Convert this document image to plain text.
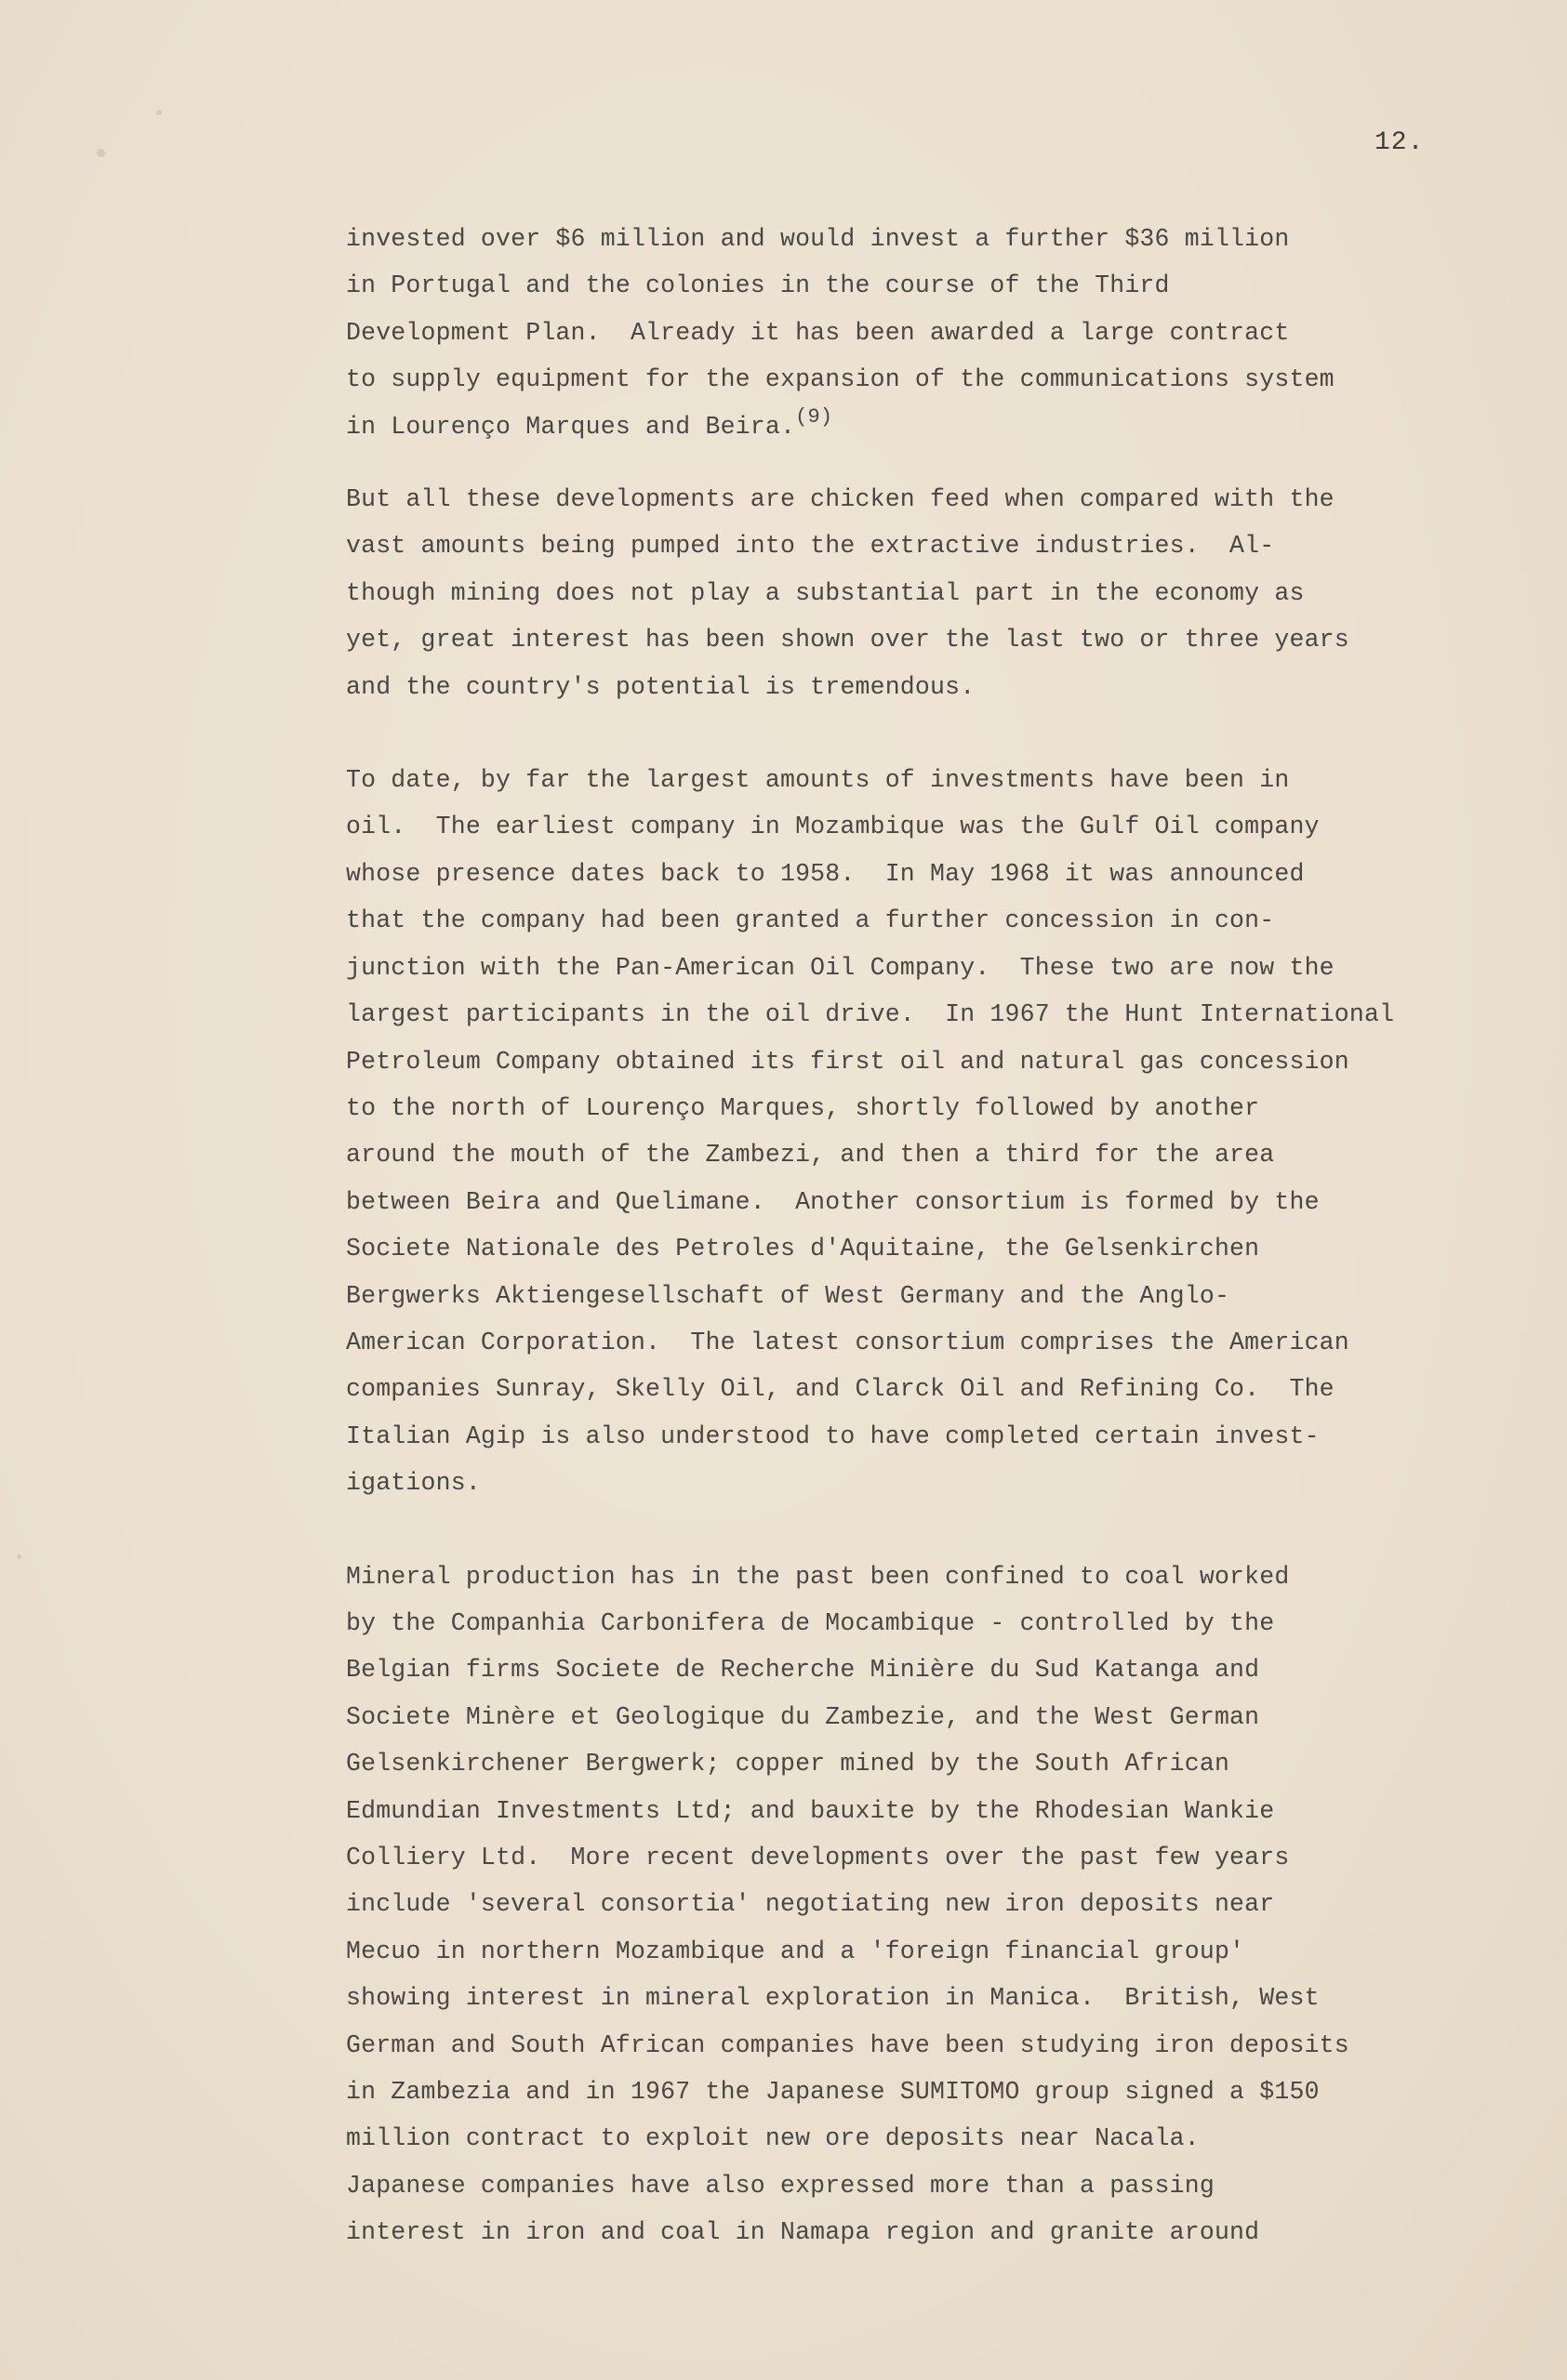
12.

invested over $6 million and would invest a further $36 million
in Portugal and the colonies in the course of the Third
Development Plan.  Already it has been awarded a large contract
to supply equipment for the expansion of the communications system
in Lourenço Marques and Beira.$^{(9)}$

But all these developments are chicken feed when compared with the
vast amounts being pumped into the extractive industries.  Al-
though mining does not play a substantial part in the economy as
yet, great interest has been shown over the last two or three years
and the country's potential is tremendous.

To date, by far the largest amounts of investments have been in
oil.  The earliest company in Mozambique was the Gulf Oil company
whose presence dates back to 1958.  In May 1968 it was announced
that the company had been granted a further concession in con-
junction with the Pan-American Oil Company.  These two are now the
largest participants in the oil drive.  In 1967 the Hunt International
Petroleum Company obtained its first oil and natural gas concession
to the north of Lourenço Marques, shortly followed by another
around the mouth of the Zambezi, and then a third for the area
between Beira and Quelimane.  Another consortium is formed by the
Societe Nationale des Petroles d'Aquitaine, the Gelsenkirchen
Bergwerks Aktiengesellschaft of West Germany and the Anglo-
American Corporation.  The latest consortium comprises the American
companies Sunray, Skelly Oil, and Clarck Oil and Refining Co.  The
Italian Agip is also understood to have completed certain invest-
igations.

Mineral production has in the past been confined to coal worked
by the Companhia Carbonifera de Mocambique - controlled by the
Belgian firms Societe de Recherche Minière du Sud Katanga and
Societe Minère et Geologique du Zambezie, and the West German
Gelsenkirchener Bergwerk; copper mined by the South African
Edmundian Investments Ltd; and bauxite by the Rhodesian Wankie
Colliery Ltd.  More recent developments over the past few years
include 'several consortia' negotiating new iron deposits near
Mecuo in northern Mozambique and a 'foreign financial group'
showing interest in mineral exploration in Manica.  British, West
German and South African companies have been studying iron deposits
in Zambezia and in 1967 the Japanese SUMITOMO group signed a $150
million contract to exploit new ore deposits near Nacala.
Japanese companies have also expressed more than a passing
interest in iron and coal in Namapa region and granite around
